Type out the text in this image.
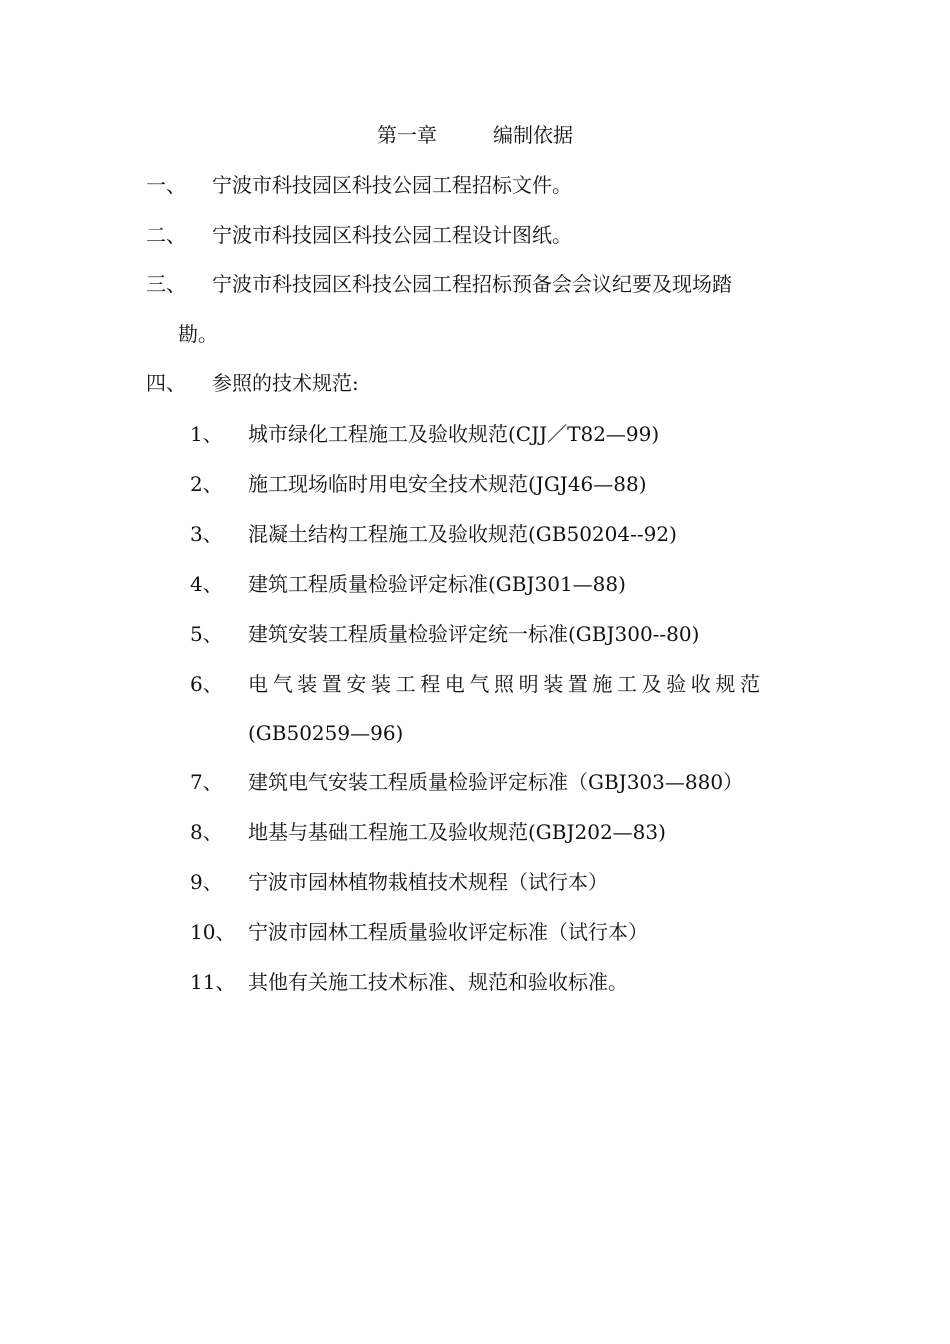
第一章	编制依据
一、 宁波市科技园区科技公园工程招标文件。
二、 宁波市科技园区科技公园工程设计图纸。
三、 宁波市科技园区科技公园工程招标预备会会议纪要及现场踏
勘。
四、 参照的技术规范:
1、 城市绿化工程施工及验收规范(CJJ／T82—99)
2、 施工现场临时用电安全技术规范(JGJ46—88)
3、 混凝土结构工程施工及验收规范(GB50204--92)
4、 建筑工程质量检验评定标准(GBJ301—88)
5、 建筑安装工程质量检验评定统一标准(GBJ300--80)
6、 电气装置安装工程电气照明装置施工及验收规范
(GB50259—96)
7、 建筑电气安装工程质量检验评定标准（GBJ303—880）
8、 地基与基础工程施工及验收规范(GBJ202—83)
9、 宁波市园林植物栽植技术规程（试行本）
10、 宁波市园林工程质量验收评定标准（试行本）
11、 其他有关施工技术标准、规范和验收标准。
